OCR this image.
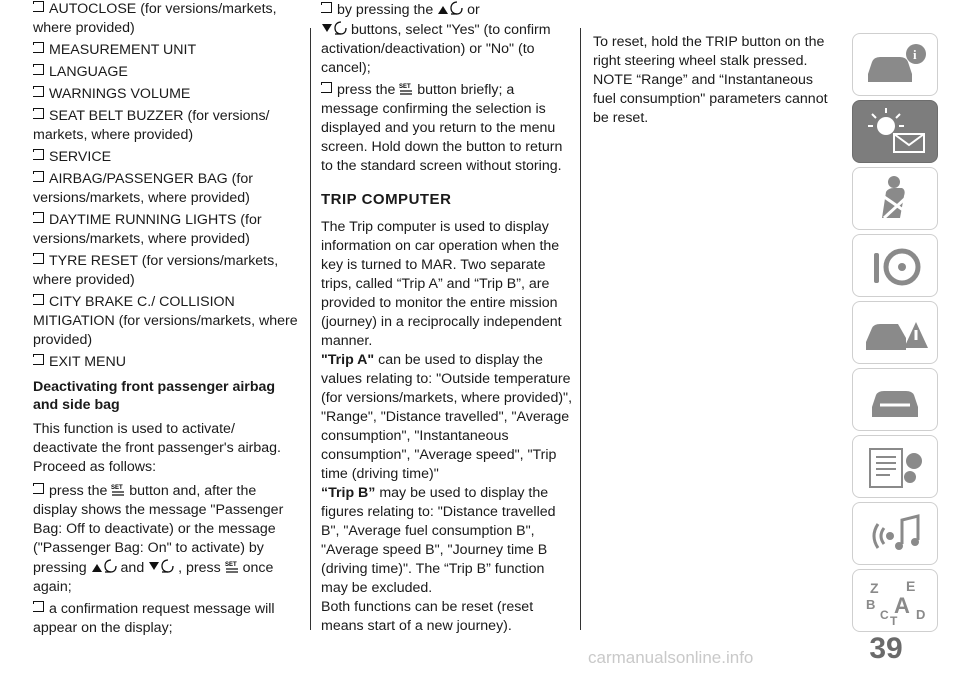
AUTOCLOSE (for versions/markets, where provided)

MEASUREMENT UNIT

LANGUAGE

WARNINGS VOLUME

SEAT BELT BUZZER (for versions/ markets, where provided)

SERVICE

AIRBAG/PASSENGER BAG (for versions/markets, where provided)

DAYTIME RUNNING LIGHTS (for versions/markets, where provided)

TYRE RESET (for versions/markets, where provided)

CITY BRAKE C./ COLLISION MITIGATION (for versions/markets, where provided)

EXIT MENU

Deactivating front passenger airbag and side bag

This function is used to activate/ deactivate the front passenger's airbag. Proceed as follows:

press the SET button and, after the display shows the message "Passenger Bag: Off to deactivate) or the message ("Passenger Bag: On" to activate) by pressing and , press SET once again;

a confirmation request message will appear on the display;

by pressing the or
buttons, select "Yes" (to confirm activation/deactivation) or "No" (to cancel);

press the SET button briefly; a message confirming the selection is displayed and you return to the menu screen. Hold down the button to return to the standard screen without storing.

TRIP COMPUTER

The Trip computer is used to display information on car operation when the key is turned to MAR. Two separate trips, called “Trip A” and “Trip B”, are provided to monitor the entire mission (journey) in a reciprocally independent manner.

"Trip A" can be used to display the values relating to: "Outside temperature (for versions/markets, where provided)", "Range", "Distance travelled", "Average consumption", "Instantaneous consumption", "Average speed", "Trip time (driving time)"

“Trip B” may be used to display the figures relating to: "Distance travelled B", "Average fuel consumption B", "Average speed B", "Journey time B (driving time)". The “Trip B” function may be excluded.

Both functions can be reset (reset means start of a new journey).

To reset, hold the TRIP button on the right steering wheel stalk pressed.

NOTE “Range” and “Instantaneous fuel consumption" parameters cannot be reset.

i
Z E
B A
C D
T
39
carmanualsonline.info
